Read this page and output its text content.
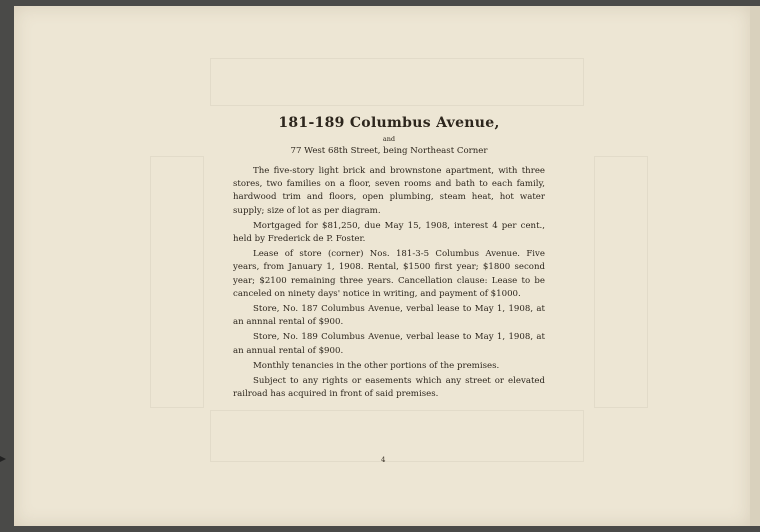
181-189 Columbus Avenue,

and

77 West 68th Street, being Northeast Corner

The five-story light brick and brownstone apartment, with three stores, two families on a floor, seven rooms and bath to each family, hardwood trim and floors, open plumbing, steam heat, hot water supply; size of lot as per diagram.

Mortgaged for $81,250, due May 15, 1908, interest 4 per cent., held by Frederick de P. Foster.

Lease of store (corner) Nos. 181-3-5 Columbus Avenue. Five years, from January 1, 1908. Rental, $1500 first year; $1800 second year; $2100 remaining three years. Cancellation clause: Lease to be canceled on ninety days' notice in writing, and payment of $1000.

Store, No. 187 Columbus Avenue, verbal lease to May 1, 1908, at an annnal rental of $900.

Store, No. 189 Columbus Avenue, verbal lease to May 1, 1908, at an annual rental of $900.

Monthly tenancies in the other portions of the premises.

Subject to any rights or easements which any street or elevated railroad has acquired in front of said premises.

4
